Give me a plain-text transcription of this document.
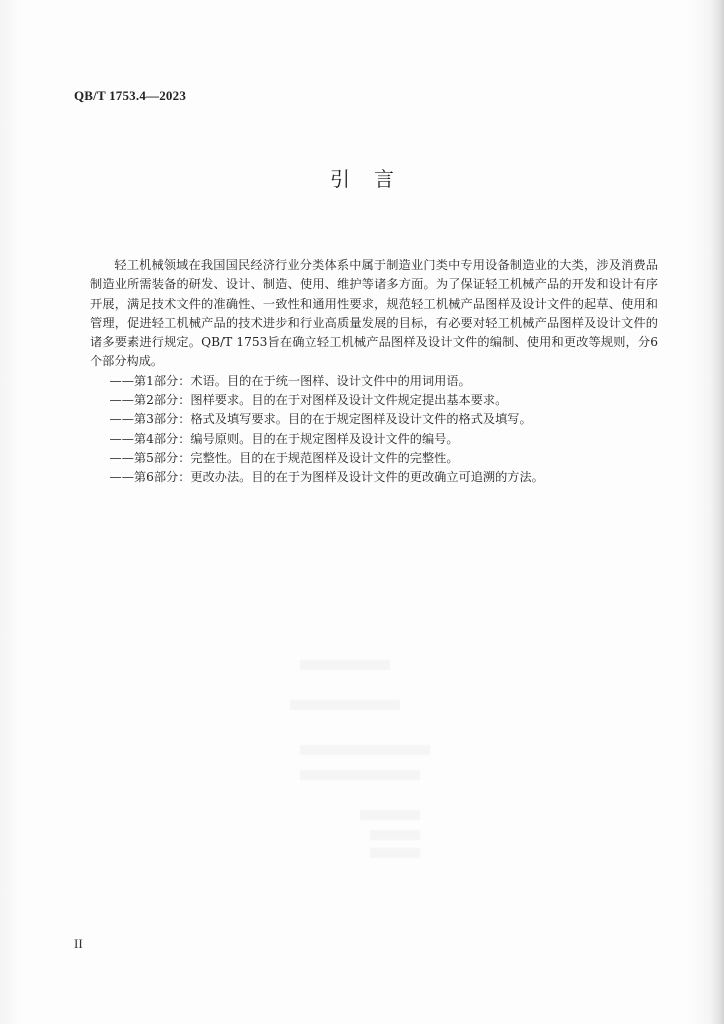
QB/T 1753.4—2023
引言

轻工机械领域在我国国民经济行业分类体系中属于制造业门类中专用设备制造业的大类，涉及消费品制造业所需装备的研发、设计、制造、使用、维护等诸多方面。为了保证轻工机械产品的开发和设计有序开展，满足技术文件的准确性、一致性和通用性要求，规范轻工机械产品图样及设计文件的起草、使用和管理，促进轻工机械产品的技术进步和行业高质量发展的目标，有必要对轻工机械产品图样及设计文件的诸多要素进行规定。QB/T 1753旨在确立轻工机械产品图样及设计文件的编制、使用和更改等规则，分6个部分构成。

——第1部分：术语。目的在于统一图样、设计文件中的用词用语。
——第2部分：图样要求。目的在于对图样及设计文件规定提出基本要求。
——第3部分：格式及填写要求。目的在于规定图样及设计文件的格式及填写。
——第4部分：编号原则。目的在于规定图样及设计文件的编号。
——第5部分：完整性。目的在于规范图样及设计文件的完整性。
——第6部分：更改办法。目的在于为图样及设计文件的更改确立可追溯的方法。
II
